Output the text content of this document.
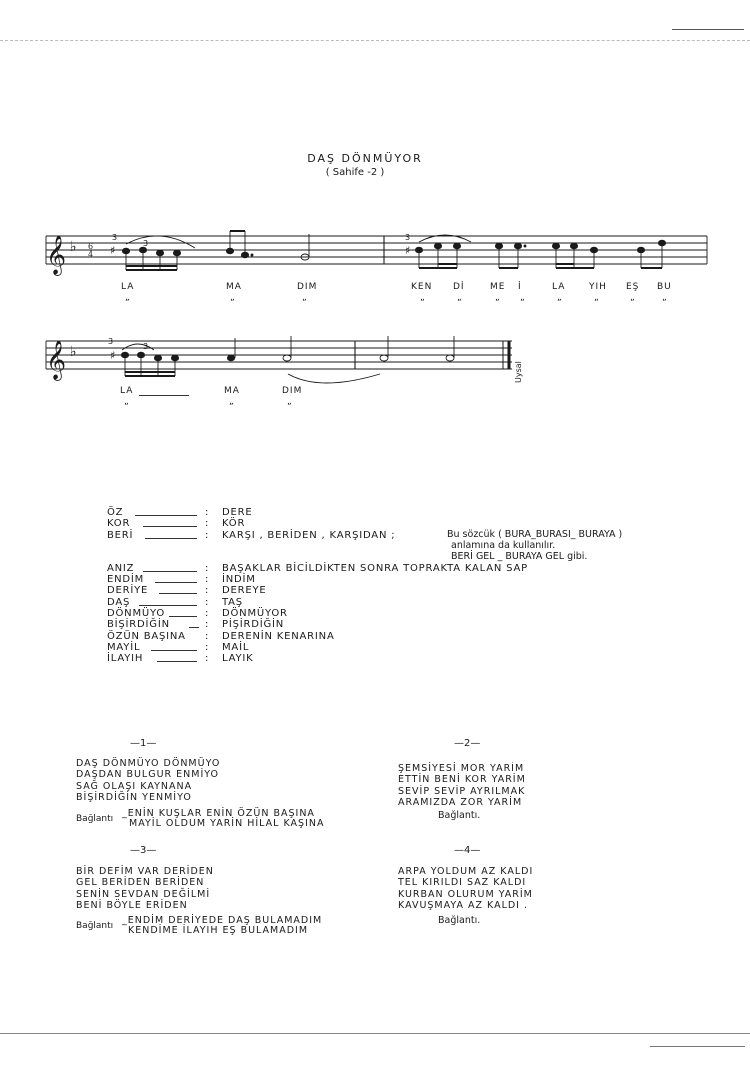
DAŞ DÖNMÜYOR
( Sahife -2 )
𝄞
𝄞
♭
♭
6
4
3
♯
3
3
♯
3
♯
3
LA	MA	DIM	KEN Dİ	ME İ	LA	YIH EŞ BU
„	„	„	„	„	„ „	„	„	„	„
LA	MA	DIM
„	„	„
Uysal
ÖZ	: DERE
KOR	: KÖR
BERİ	: KARŞI , BERİDEN , KARŞIDAN ;
ANIZ	: BAŞAKLAR BİCİLDİKTEN SONRA TOPRAKTA KALAN SAP
ENDİM	: İNDİM
DERİYE	: DEREYE
DAŞ	: TAŞ
DÖNMÜYO	: DÖNMÜYOR
BİŞİRDİĞİN	: PİŞİRDİĞİN
ÖZÜN BAŞINA : DERENİN KENARINA
MAYİL	: MAİL
İLAYIH	: LAYIK
Bu sözcük ( BURA_BURASI_ BURAYA )
anlamına da kullanılır.
BERİ GEL _ BURAYA GEL gibi.
—1—
DAŞ DÖNMÜYO DÖNMÜYO
DAŞDAN BULGUR ENMİYO
SAĞ OLAŞI KAYNANA
BİŞİRDİĞİN YENMİYO
Bağlantı _ENİN KUŞLAR ENİN ÖZÜN BAŞINA
MAYİL OLDUM YARİN HİLAL KAŞINA
—2—
ŞEMSİYESİ MOR YARİM
ETTİN BENİ KOR YARİM
SEVİP SEVİP AYRILMAK
ARAMIZDA ZOR YARİM
Bağlantı.
—3—
BİR DEFİM VAR DERİDEN
GEL BERİDEN BERİDEN
SENİN SEVDAN DEĞİLMİ
BENİ BÖYLE ERİDEN
Bağlantı _ENDİM DERİYEDE DAŞ BULAMADIM
KENDİME İLAYIH EŞ BULAMADIM
—4—
ARPA YOLDUM AZ KALDI
TEL KIRILDI SAZ KALDI
KURBAN OLURUM YARİM
KAVUŞMAYA AZ KALDI .
Bağlantı.
